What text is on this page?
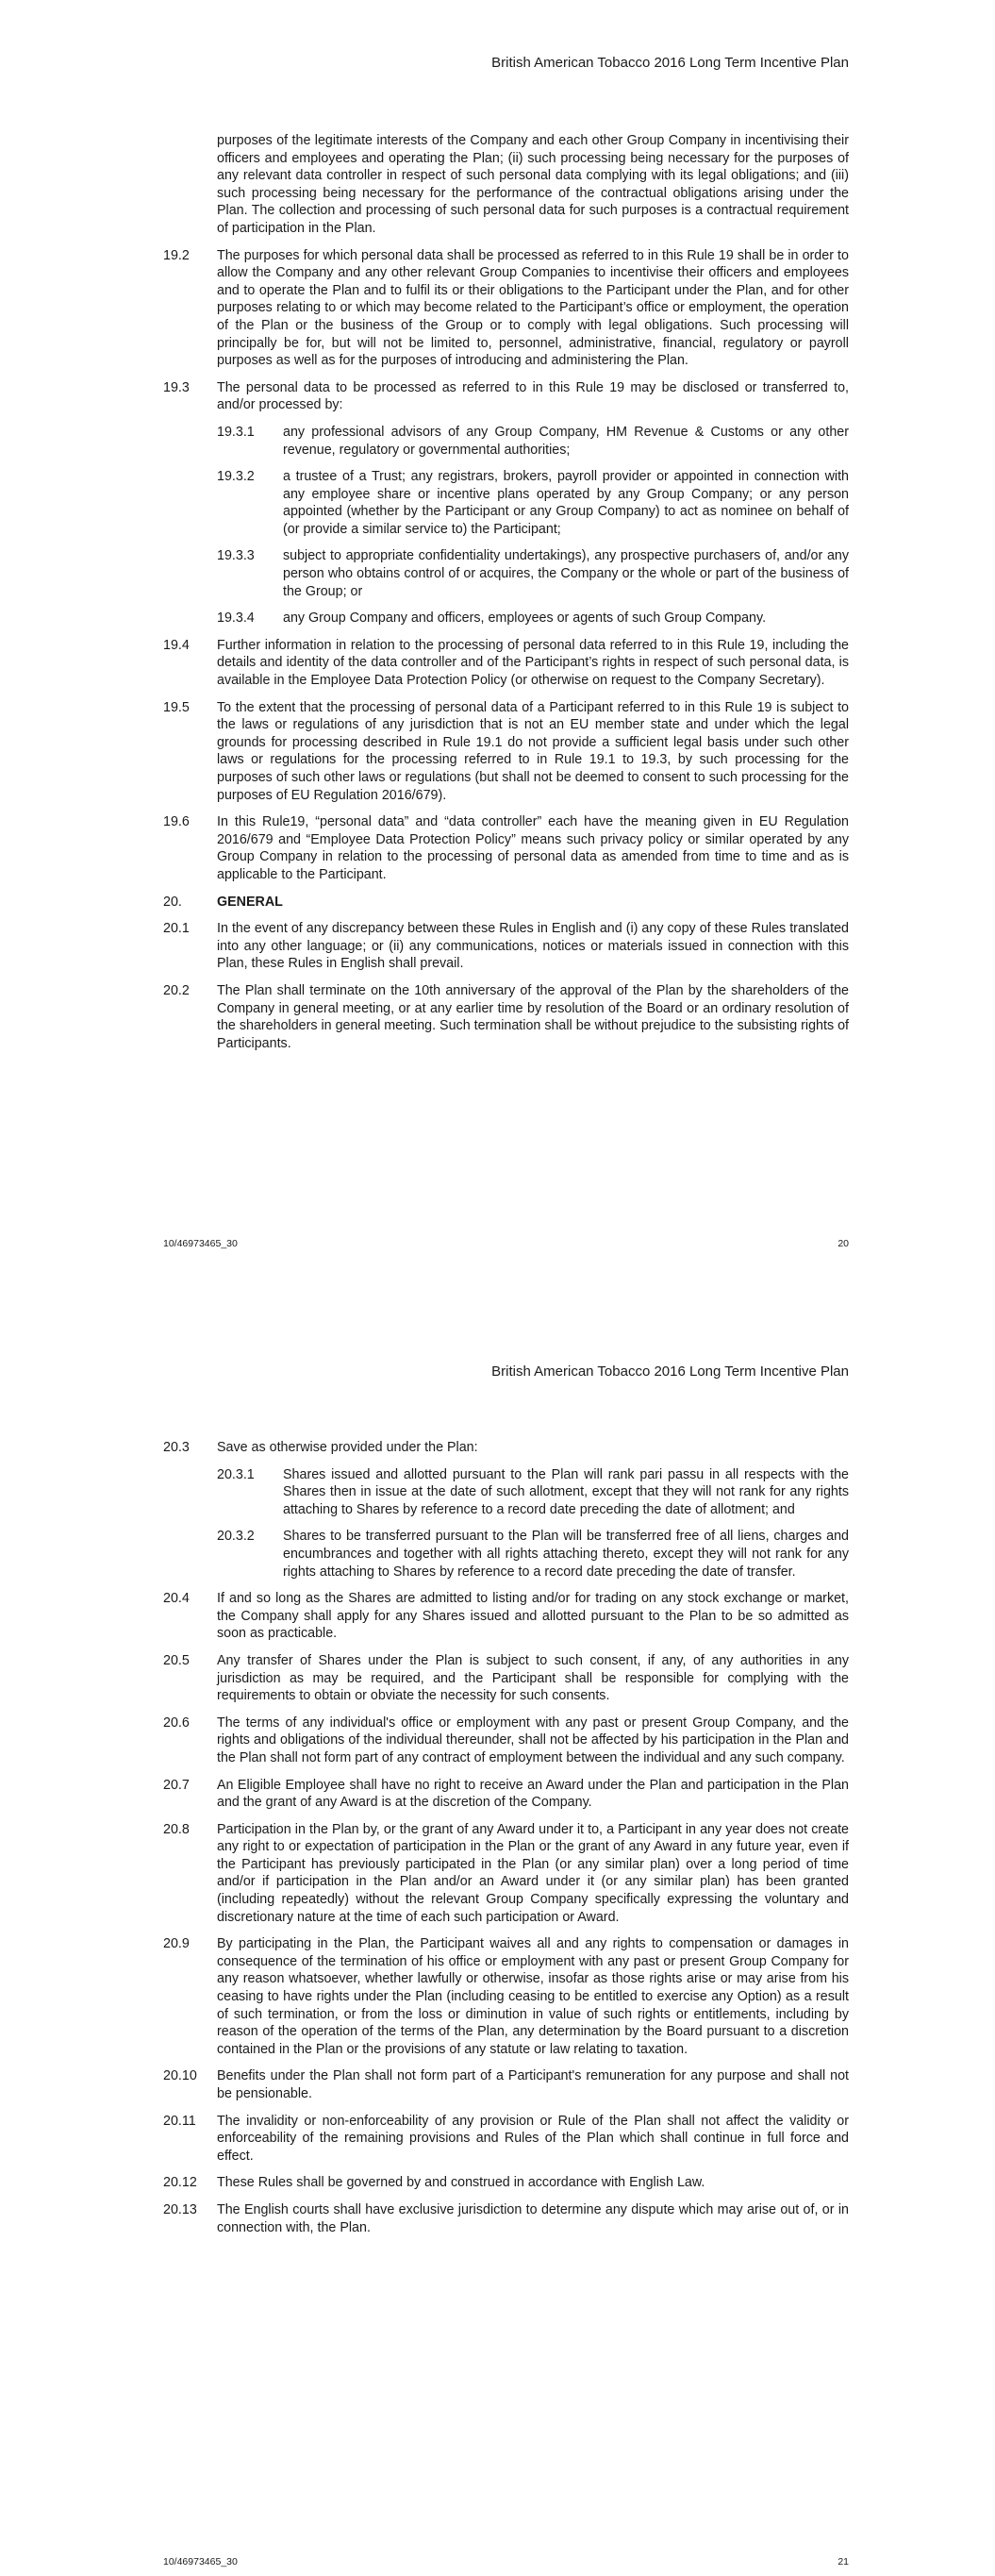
British American Tobacco 2016 Long Term Incentive Plan
purposes of the legitimate interests of the Company and each other Group Company in incentivising their officers and employees and operating the Plan; (ii) such processing being necessary for the purposes of any relevant data controller in respect of such personal data complying with its legal obligations; and (iii) such processing being necessary for the performance of the contractual obligations arising under the Plan. The collection and processing of such personal data for such purposes is a contractual requirement of participation in the Plan.
19.2	The purposes for which personal data shall be processed as referred to in this Rule 19 shall be in order to allow the Company and any other relevant Group Companies to incentivise their officers and employees and to operate the Plan and to fulfil its or their obligations to the Participant under the Plan, and for other purposes relating to or which may become related to the Participant’s office or employment, the operation of the Plan or the business of the Group or to comply with legal obligations. Such processing will principally be for, but will not be limited to, personnel, administrative, financial, regulatory or payroll purposes as well as for the purposes of introducing and administering the Plan.
19.3	The personal data to be processed as referred to in this Rule 19 may be disclosed or transferred to, and/or processed by:
19.3.1	any professional advisors of any Group Company, HM Revenue & Customs or any other revenue, regulatory or governmental authorities;
19.3.2	a trustee of a Trust; any registrars, brokers, payroll provider or appointed in connection with any employee share or incentive plans operated by any Group Company; or any person appointed (whether by the Participant or any Group Company) to act as nominee on behalf of (or provide a similar service to) the Participant;
19.3.3	subject to appropriate confidentiality undertakings), any prospective purchasers of, and/or any person who obtains control of or acquires, the Company or the whole or part of the business of the Group; or
19.3.4	any Group Company and officers, employees or agents of such Group Company.
19.4	Further information in relation to the processing of personal data referred to in this Rule 19, including the details and identity of the data controller and of the Participant’s rights in respect of such personal data, is available in the Employee Data Protection Policy (or otherwise on request to the Company Secretary).
19.5	To the extent that the processing of personal data of a Participant referred to in this Rule 19 is subject to the laws or regulations of any jurisdiction that is not an EU member state and under which the legal grounds for processing described in Rule 19.1 do not provide a sufficient legal basis under such other laws or regulations for the processing referred to in Rule 19.1 to 19.3, by such processing for the purposes of such other laws or regulations (but shall not be deemed to consent to such processing for the purposes of EU Regulation 2016/679).
19.6	In this Rule19, “personal data” and “data controller” each have the meaning given in EU Regulation 2016/679 and “Employee Data Protection Policy” means such privacy policy or similar operated by any Group Company in relation to the processing of personal data as amended from time to time and as is applicable to the Participant.
20.	GENERAL
20.1	In the event of any discrepancy between these Rules in English and (i) any copy of these Rules translated into any other language; or (ii) any communications, notices or materials issued in connection with this Plan, these Rules in English shall prevail.
20.2	The Plan shall terminate on the 10th anniversary of the approval of the Plan by the shareholders of the Company in general meeting, or at any earlier time by resolution of the Board or an ordinary resolution of the shareholders in general meeting. Such termination shall be without prejudice to the subsisting rights of Participants.
10/46973465_30	20
British American Tobacco 2016 Long Term Incentive Plan
20.3	Save as otherwise provided under the Plan:
20.3.1	Shares issued and allotted pursuant to the Plan will rank pari passu in all respects with the Shares then in issue at the date of such allotment, except that they will not rank for any rights attaching to Shares by reference to a record date preceding the date of allotment; and
20.3.2	Shares to be transferred pursuant to the Plan will be transferred free of all liens, charges and encumbrances and together with all rights attaching thereto, except they will not rank for any rights attaching to Shares by reference to a record date preceding the date of transfer.
20.4	If and so long as the Shares are admitted to listing and/or for trading on any stock exchange or market, the Company shall apply for any Shares issued and allotted pursuant to the Plan to be so admitted as soon as practicable.
20.5	Any transfer of Shares under the Plan is subject to such consent, if any, of any authorities in any jurisdiction as may be required, and the Participant shall be responsible for complying with the requirements to obtain or obviate the necessity for such consents.
20.6	The terms of any individual's office or employment with any past or present Group Company, and the rights and obligations of the individual thereunder, shall not be affected by his participation in the Plan and the Plan shall not form part of any contract of employment between the individual and any such company.
20.7	An Eligible Employee shall have no right to receive an Award under the Plan and participation in the Plan and the grant of any Award is at the discretion of the Company.
20.8	Participation in the Plan by, or the grant of any Award under it to, a Participant in any year does not create any right to or expectation of participation in the Plan or the grant of any Award in any future year, even if the Participant has previously participated in the Plan (or any similar plan) over a long period of time and/or if participation in the Plan and/or an Award under it (or any similar plan) has been granted (including repeatedly) without the relevant Group Company specifically expressing the voluntary and discretionary nature at the time of each such participation or Award.
20.9	By participating in the Plan, the Participant waives all and any rights to compensation or damages in consequence of the termination of his office or employment with any past or present Group Company for any reason whatsoever, whether lawfully or otherwise, insofar as those rights arise or may arise from his ceasing to have rights under the Plan (including ceasing to be entitled to exercise any Option) as a result of such termination, or from the loss or diminution in value of such rights or entitlements, including by reason of the operation of the terms of the Plan, any determination by the Board pursuant to a discretion contained in the Plan or the provisions of any statute or law relating to taxation.
20.10	Benefits under the Plan shall not form part of a Participant's remuneration for any purpose and shall not be pensionable.
20.11	The invalidity or non-enforceability of any provision or Rule of the Plan shall not affect the validity or enforceability of the remaining provisions and Rules of the Plan which shall continue in full force and effect.
20.12	These Rules shall be governed by and construed in accordance with English Law.
20.13	The English courts shall have exclusive jurisdiction to determine any dispute which may arise out of, or in connection with, the Plan.
10/46973465_30	21
